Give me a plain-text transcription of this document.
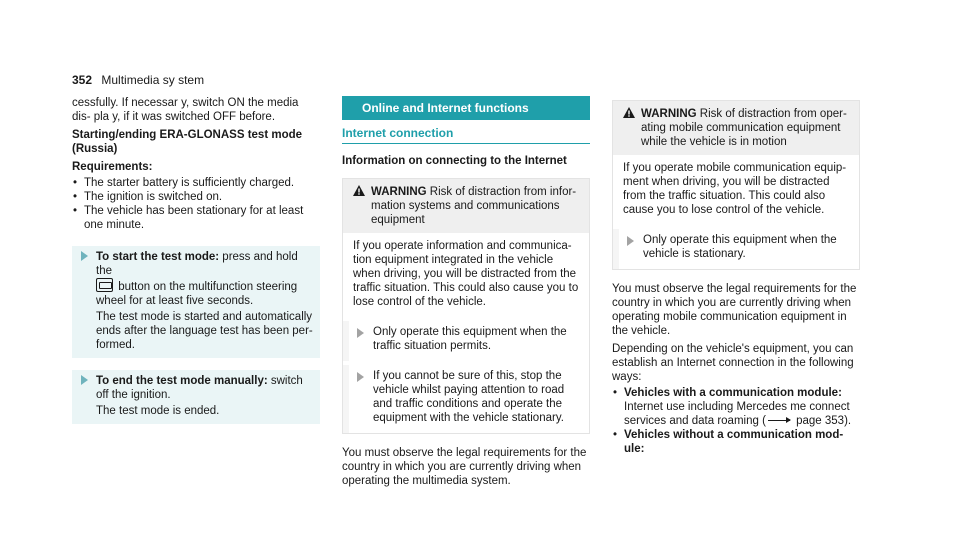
352 Multimedia sy stem

cessfully. If necessar y, switch ON the media dis‐ pla y, if it was switched OFF before.

Starting/ending ERA-GLONASS test mode (Russia)

Requirements:

• The starter battery is sufficiently charged.
• The ignition is switched on.
• The vehicle has been stationary for at least one minute.

To start the test mode: press and hold the
button on the multifunction steering wheel for at least five seconds.

The test mode is started and automatically ends after the language test has been per‐ formed.

To end the test mode manually: switch off the ignition.

The test mode is ended.

Online and Internet functions
Internet connection
Information on connecting to the Internet
WARNING Risk of distraction from infor‐ mation systems and communications equipment

If you operate information and communica‐ tion equipment integrated in the vehicle when driving, you will be distracted from the traffic situation. This could also cause you to lose control of the vehicle.

Only operate this equipment when the traffic situation permits.

If you cannot be sure of this, stop the vehicle whilst paying attention to road and traffic conditions and operate the equipment with the vehicle stationary.

You must observe the legal requirements for the country in which you are currently driving when operating the multimedia system.

WARNING Risk of distraction from oper‐ ating mobile communication equipment while the vehicle is in motion

If you operate mobile communication equip‐ ment when driving, you will be distracted from the traffic situation. This could also cause you to lose control of the vehicle.

Only operate this equipment when the vehicle is stationary.

You must observe the legal requirements for the country in which you are currently driving when operating mobile communication equipment in the vehicle.

Depending on the vehicle's equipment, you can establish an Internet connection in the following ways:

• Vehicles with a communication module:
Internet use including Mercedes me connect services and data roaming ( page 353).
• Vehicles without a communication mod‐ ule:
